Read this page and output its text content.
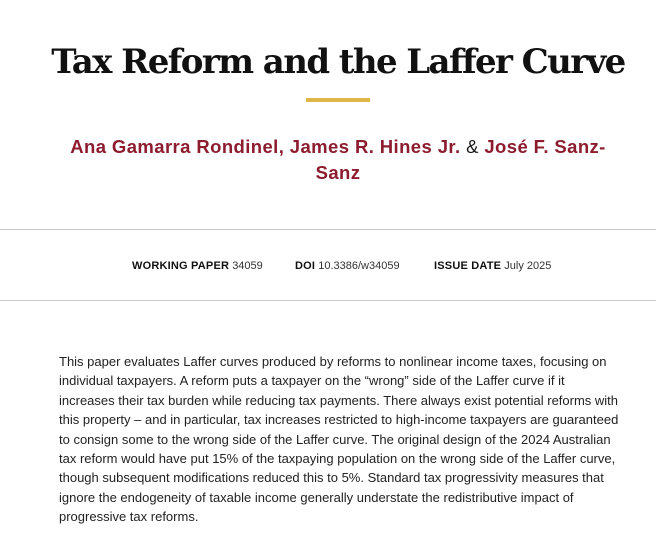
Tax Reform and the Laffer Curve
Ana Gamarra Rondinel, James R. Hines Jr. & José F. Sanz-Sanz
WORKING PAPER 34059	DOI 10.3386/w34059	ISSUE DATE July 2025

This paper evaluates Laffer curves produced by reforms to nonlinear income taxes, focusing on individual taxpayers. A reform puts a taxpayer on the “wrong” side of the Laffer curve if it increases their tax burden while reducing tax payments. There always exist potential reforms with this property – and in particular, tax increases restricted to high-income taxpayers are guaranteed to consign some to the wrong side of the Laffer curve. The original design of the 2024 Australian tax reform would have put 15% of the taxpaying population on the wrong side of the Laffer curve, though subsequent modifications reduced this to 5%. Standard tax progressivity measures that ignore the endogeneity of taxable income generally understate the redistributive impact of progressive tax reforms.
